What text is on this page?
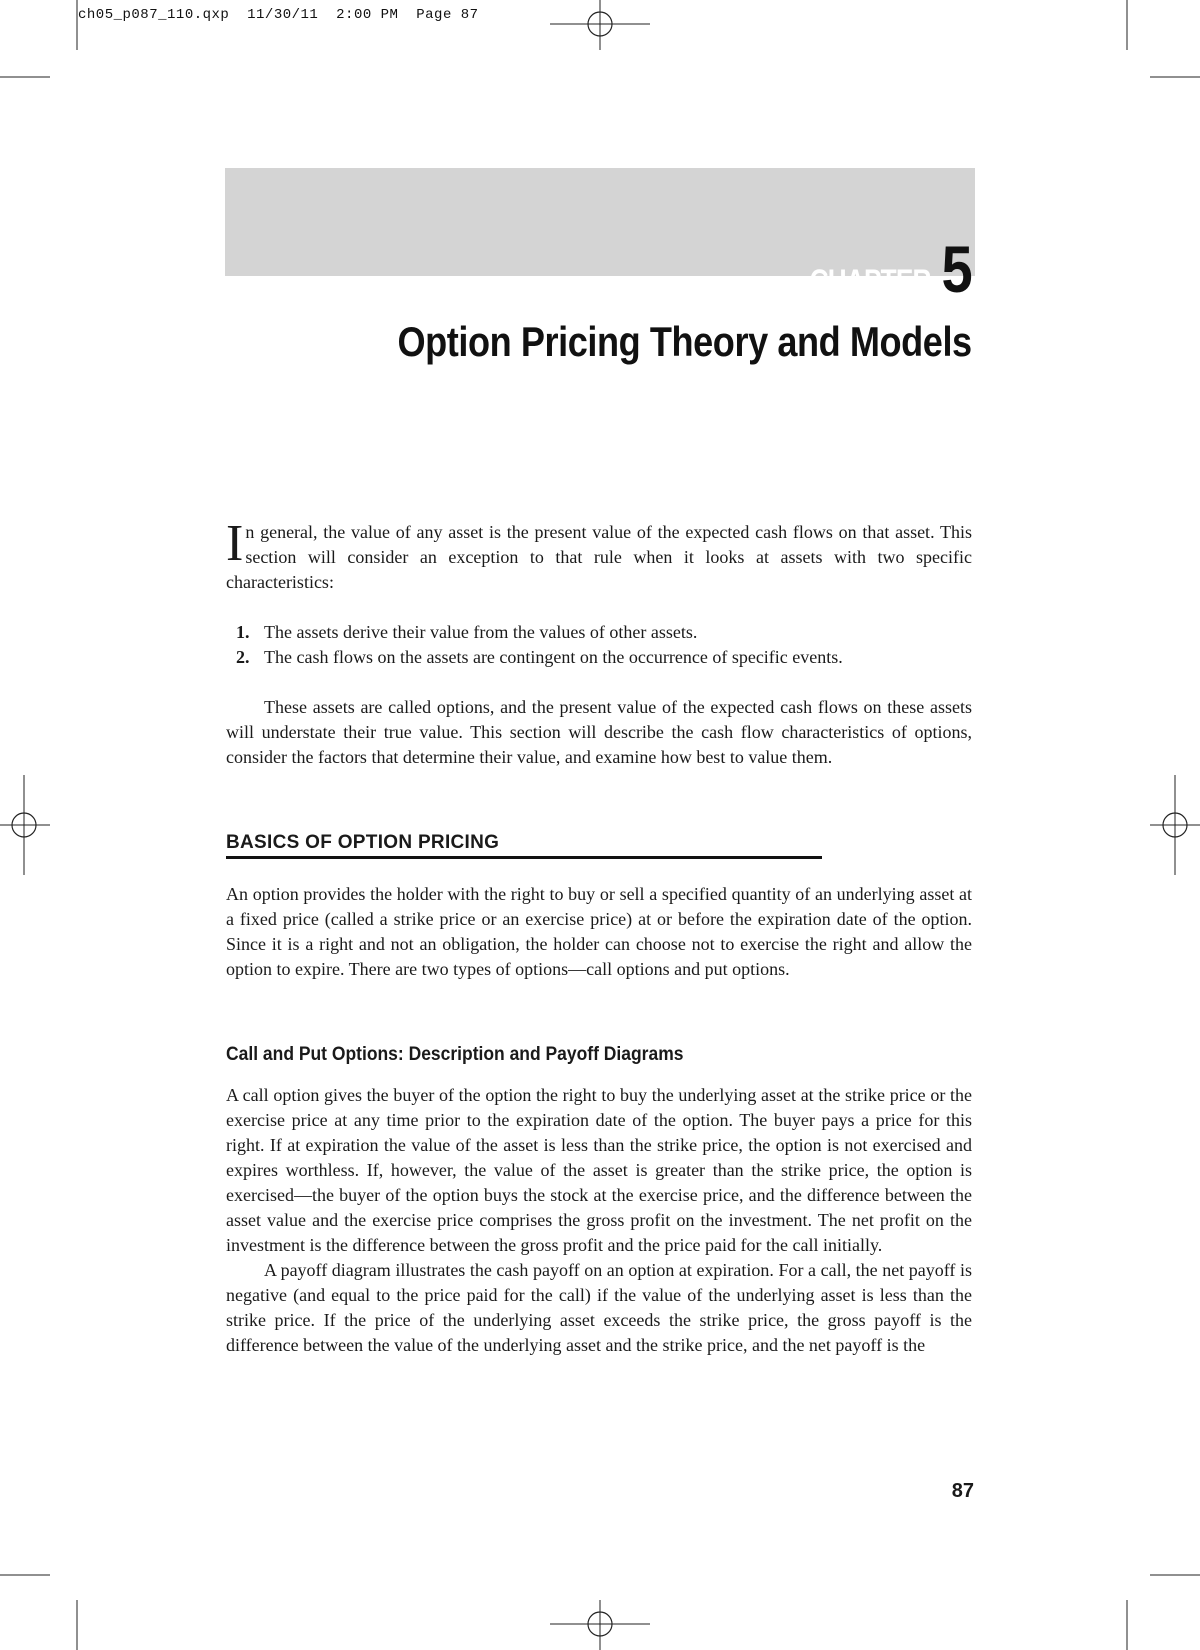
ch05_p087_110.qxp  11/30/11  2:00 PM  Page 87
CHAPTER 5
Option Pricing Theory and Models

In general, the value of any asset is the present value of the expected cash flows on that asset. This section will consider an exception to that rule when it looks at assets with two specific characteristics:

1. The assets derive their value from the values of other assets.
2. The cash flows on the assets are contingent on the occurrence of specific events.

These assets are called options, and the present value of the expected cash flows on these assets will understate their true value. This section will describe the cash flow characteristics of options, consider the factors that determine their value, and examine how best to value them.

BASICS OF OPTION PRICING

An option provides the holder with the right to buy or sell a specified quantity of an underlying asset at a fixed price (called a strike price or an exercise price) at or before the expiration date of the option. Since it is a right and not an obligation, the holder can choose not to exercise the right and allow the option to expire. There are two types of options—call options and put options.

Call and Put Options: Description and Payoff Diagrams

A call option gives the buyer of the option the right to buy the underlying asset at the strike price or the exercise price at any time prior to the expiration date of the option. The buyer pays a price for this right. If at expiration the value of the asset is less than the strike price, the option is not exercised and expires worthless. If, however, the value of the asset is greater than the strike price, the option is exercised—the buyer of the option buys the stock at the exercise price, and the difference between the asset value and the exercise price comprises the gross profit on the investment. The net profit on the investment is the difference between the gross profit and the price paid for the call initially.

A payoff diagram illustrates the cash payoff on an option at expiration. For a call, the net payoff is negative (and equal to the price paid for the call) if the value of the underlying asset is less than the strike price. If the price of the underlying asset exceeds the strike price, the gross payoff is the difference between the value of the underlying asset and the strike price, and the net payoff is the

87
